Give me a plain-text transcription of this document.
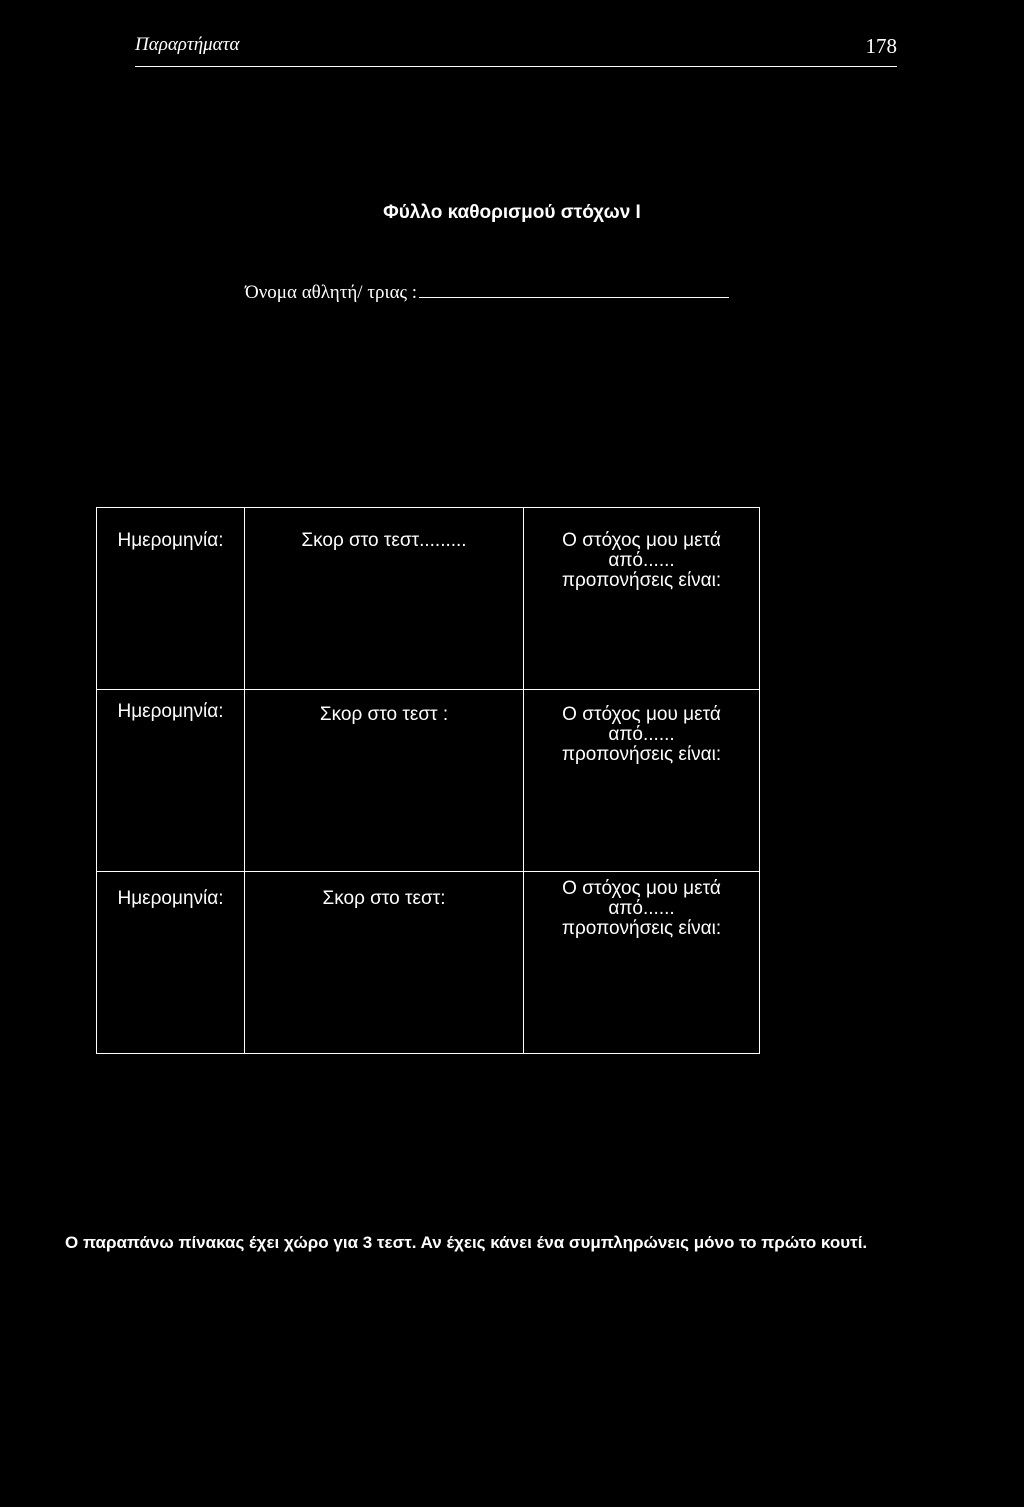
Παραρτήματα	178
Φύλλο καθορισμού στόχων Ι
Όνομα αθλητή/ τριας :
Ημερομηνία:	Σκορ στο τεστ.........	Ο στόχος μου μετά
από......
προπονήσεις είναι:

Ημερομηνία:	Σκορ στο τεστ :	Ο στόχος μου μετά
από......
προπονήσεις είναι:

Ημερομηνία:	Σκορ στο τεστ:	Ο στόχος μου μετά
από......
προπονήσεις είναι:
Ο παραπάνω πίνακας έχει χώρο για 3 τεστ. Αν έχεις κάνει ένα συμπληρώνεις μόνο το πρώτο κουτί.
